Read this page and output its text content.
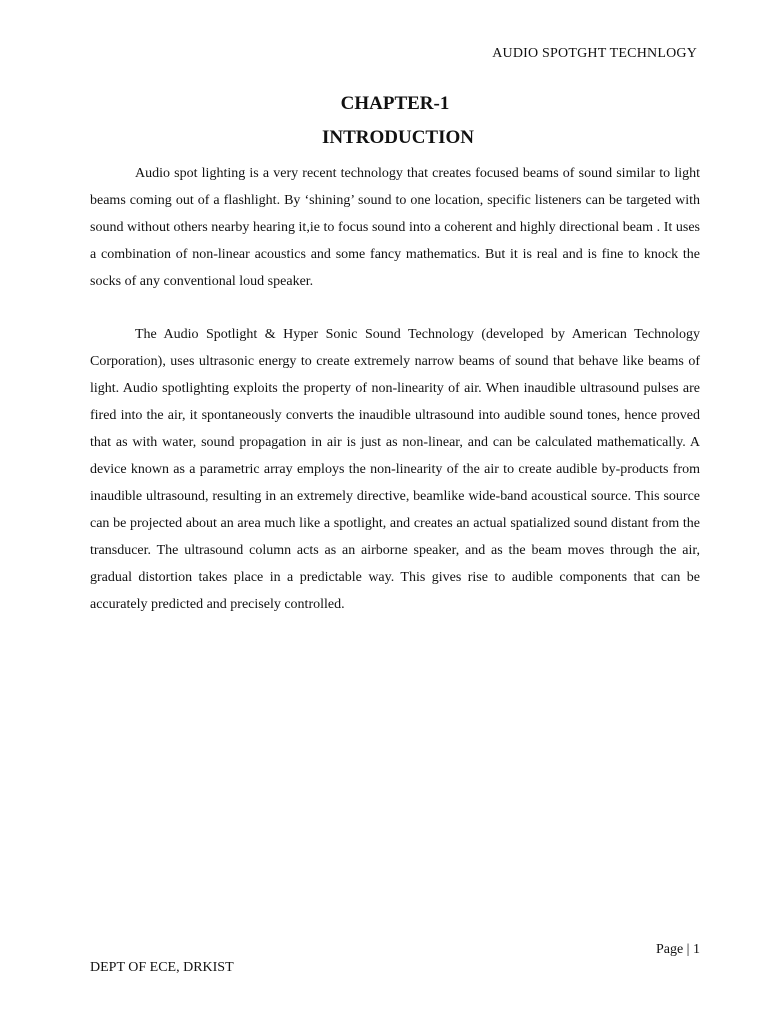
AUDIO SPOTGHT TECHNLOGY
CHAPTER-1
INTRODUCTION

Audio spot lighting is a very recent technology that creates focused beams of sound similar to light beams coming out of a flashlight. By ‘shining’ sound to one location, specific listeners can be targeted with sound without others nearby hearing it,ie to focus sound into a coherent and highly directional beam . It uses a combination of non-linear acoustics and some fancy mathematics. But it is real and is fine to knock the socks of any conventional loud speaker.

The Audio Spotlight & Hyper Sonic Sound Technology (developed by American Technology Corporation), uses ultrasonic energy to create extremely narrow beams of sound that behave like beams of light. Audio spotlighting exploits the property of non-linearity of air. When inaudible ultrasound pulses are fired into the air, it spontaneously converts the inaudible ultrasound into audible sound tones, hence proved that as with water, sound propagation in air is just as non-linear, and can be calculated mathematically. A device known as a parametric array employs the non-linearity of the air to create audible by-products from inaudible ultrasound, resulting in an extremely directive, beamlike wide-band acoustical source. This source can be projected about an area much like a spotlight, and creates an actual spatialized sound distant from the transducer. The ultrasound column acts as an airborne speaker, and as the beam moves through the air, gradual distortion takes place in a predictable way. This gives rise to audible components that can be accurately predicted and precisely controlled.

Page | 1
DEPT OF ECE, DRKIST
